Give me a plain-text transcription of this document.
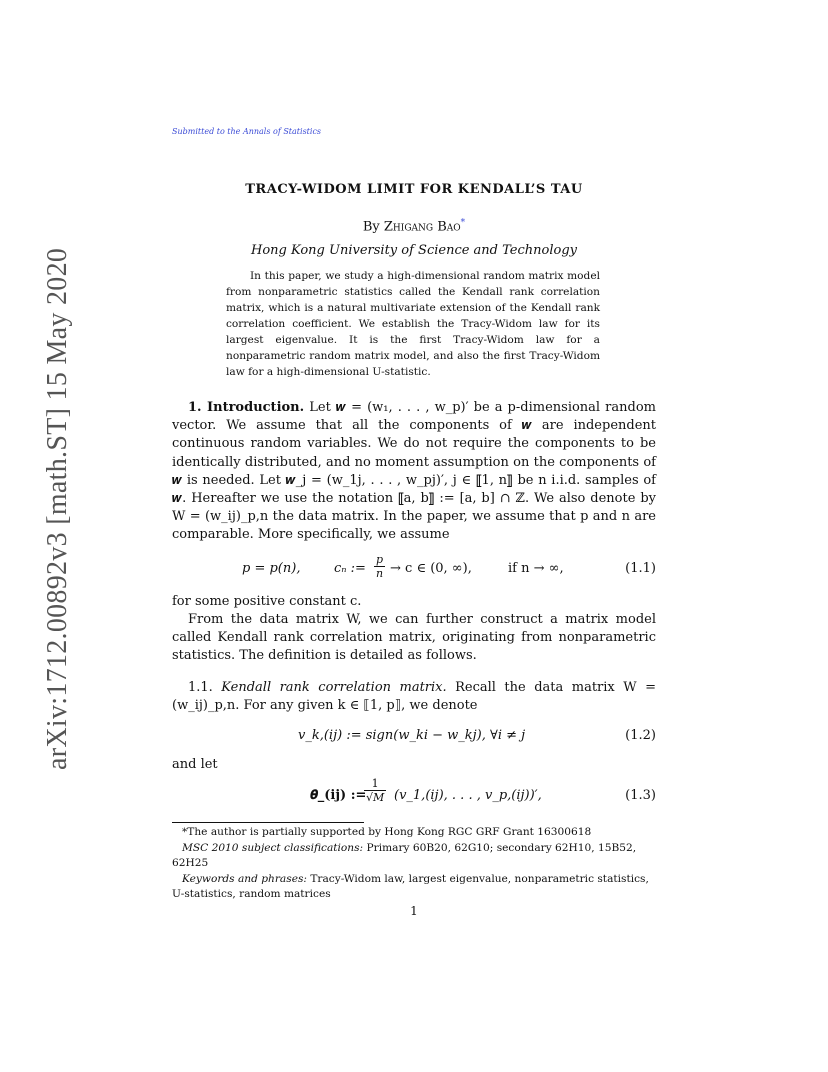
Submitted to the Annals of Statistics
arXiv:1712.00892v3 [math.ST] 15 May 2020
TRACY-WIDOM LIMIT FOR KENDALL’S TAU
By Zhigang Bao*
Hong Kong University of Science and Technology
In this paper, we study a high-dimensional random matrix model from nonparametric statistics called the Kendall rank correlation matrix, which is a natural multivariate extension of the Kendall rank correlation coefficient. We establish the Tracy-Widom law for its largest eigenvalue. It is the first Tracy-Widom law for a nonparametric random matrix model, and also the first Tracy-Widom law for a high-dimensional U-statistic.
1. Introduction. Let 𝒘 = (w₁, . . . , w_p)′ be a p-dimensional random vector. We assume that all the components of 𝒘 are independent continuous random variables. We do not require the components to be identically distributed, and no moment assumption on the components of 𝒘 is needed. Let 𝒘_j = (w_1j, . . . , w_pj)′, j ∈ ⟦1, n⟧ be n i.i.d. samples of 𝒘. Hereafter we use the notation ⟦a, b⟧ := [a, b] ∩ ℤ. We also denote by W = (w_ij)_p,n the data matrix. In the paper, we assume that p and n are comparable. More specifically, we assume
p = p(n),	cₙ := $\frac{p}{n} \to c$ ∈ (0, ∞),	if n → ∞,	(1.1)
for some positive constant c.
From the data matrix W, we can further construct a matrix model called Kendall rank correlation matrix, originating from nonparametric statistics. The definition is detailed as follows.
1.1. Kendall rank correlation matrix. Recall the data matrix W = (w_ij)_p,n. For any given k ∈ ⟦1, p⟧, we denote
v_k,(ij) := sign(w_ki − w_kj), ∀i ≠ j	(1.2)
and let
𝜽_(ij) :=
$\frac{1}{√M}$ (v_1,(ij), . . . , v_p,(ij))′,	(1.3)

*The author is partially supported by Hong Kong RGC GRF Grant 16300618

MSC 2010 subject classifications: Primary 60B20, 62G10; secondary 62H10, 15B52, 62H25

Keywords and phrases: Tracy-Widom law, largest eigenvalue, nonparametric statistics, U-statistics, random matrices

1
